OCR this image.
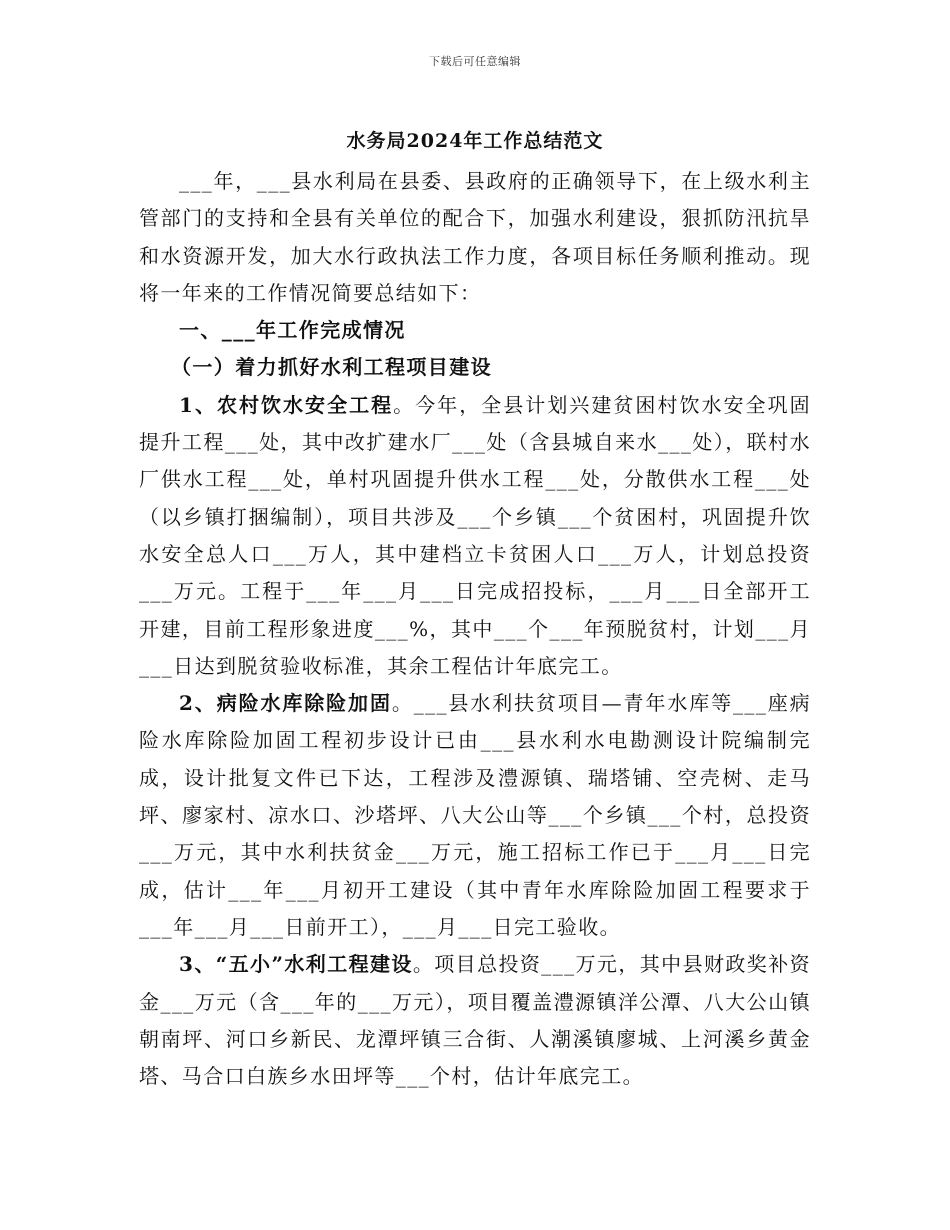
下载后可任意编辑
水务局2024年工作总结范文

___年，___县水利局在县委、县政府的正确领导下，在上级水利主管部门的支持和全县有关单位的配合下，加强水利建设，狠抓防汛抗旱和水资源开发，加大水行政执法工作力度，各项目标任务顺利推动。现将一年来的工作情况简要总结如下：

一、___年工作完成情况

（一）着力抓好水利工程项目建设

1、农村饮水安全工程。今年，全县计划兴建贫困村饮水安全巩固提升工程___处，其中改扩建水厂___处（含县城自来水___处），联村水厂供水工程___处，单村巩固提升供水工程___处，分散供水工程___处（以乡镇打捆编制），项目共涉及___个乡镇___个贫困村，巩固提升饮水安全总人口___万人，其中建档立卡贫困人口___万人，计划总投资___万元。工程于___年___月___日完成招投标，___月___日全部开工开建，目前工程形象进度___%，其中___个___年预脱贫村，计划___月___日达到脱贫验收标准，其余工程估计年底完工。

2、病险水库除险加固。___县水利扶贫项目—青年水库等___座病险水库除险加固工程初步设计已由___县水利水电勘测设计院编制完成，设计批复文件已下达，工程涉及澧源镇、瑞塔铺、空壳树、走马坪、廖家村、凉水口、沙塔坪、八大公山等___个乡镇___个村，总投资___万元，其中水利扶贫金___万元，施工招标工作已于___月___日完成，估计___年___月初开工建设（其中青年水库除险加固工程要求于___年___月___日前开工），___月___日完工验收。

3、“五小”水利工程建设。项目总投资___万元，其中县财政奖补资金___万元（含___年的___万元），项目覆盖澧源镇洋公潭、八大公山镇朝南坪、河口乡新民、龙潭坪镇三合街、人潮溪镇廖城、上河溪乡黄金塔、马合口白族乡水田坪等___个村，估计年底完工。
